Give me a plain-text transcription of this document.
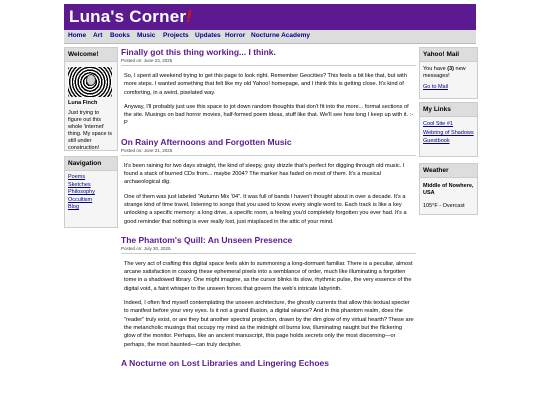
Luna's Corner!
Home Art Books Music Projects Updates Horror Nocturne Academy
Welcome!
Luna Finch
Just trying to figure out this whole 'internet' thing. My space is still under construction!
Navigation
Poems
Sketches
Philosophy
Occultism
Blog
Finally got this thing working... I think.
Posted on: June 23, 2025

So, I spent all weekend trying to get this page to look right. Remember Geocities? This feels a bit like that, but with more steps. I wanted something that felt like my old Yahoo! homepage, and I think this is getting close. It's kind of comforting, in a weird, pixelated way.

Anyway, I'll probably just use this space to jot down random thoughts that don't fit into the more... formal sections of the site. Musings on bad horror movies, half-formed poem ideas, stuff like that. We'll see how long I keep up with it. :-P

On Rainy Afternoons and Forgotten Music
Posted on: June 21, 2025

It's been raining for two days straight, the kind of sleepy, gray drizzle that's perfect for digging through old music. I found a stack of burned CDs from... maybe 2004? The marker has faded on most of them. It's a musical archaeological dig.

One of them was just labeled "Autumn Mix '04". It was full of bands I haven't thought about in over a decade. It's a strange kind of time travel, listening to songs that you used to know every single word to. Each track is like a key unlocking a specific memory: a long drive, a specific room, a feeling you'd completely forgotten you ever had. It's a good reminder that nothing is ever really lost, just misplaced in the attic of your mind.

The Phantom's Quill: An Unseen Presence
Posted on: July 30, 2025

The very act of crafting this digital space feels akin to summoning a long-dormant familiar. There is a peculiar, almost arcane satisfaction in coaxing these ephemeral pixels into a semblance of order, much like illuminating a forgotten tome in a shadowed library. One might imagine, as the cursor blinks its slow, rhythmic pulse, the very essence of the digital void, a faint whisper to the unseen forces that govern the web's intricate labyrinth.

Indeed, I often find myself contemplating the unseen architecture, the ghostly currents that allow this textual specter to manifest before your very eyes. Is it not a grand illusion, a digital séance? And in this phantom realm, does the "reader" truly exist, or are they but another spectral projection, drawn by the dim glow of my virtual hearth? These are the melancholic musings that occupy my mind as the midnight oil burns low, illuminating naught but the flickering glow of the monitor. Perhaps, like an ancient manuscript, this page holds secrets only the most discerning—or perhaps, the most haunted—can truly decipher.

A Nocturne on Lost Libraries and Lingering Echoes
Yahoo! Mail
You have (3) new messages!
Go to Mail
My Links
Cool Site #1
Webring of Shadows
Guestbook
Weather
Middle of Nowhere, USA
105°F - Overcast
